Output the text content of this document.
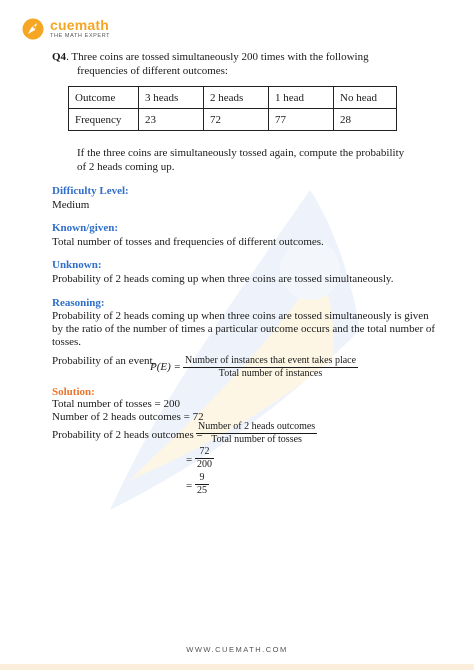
cuemath
THE MATH EXPERT
Q4. Three coins are tossed simultaneously 200 times with the following
frequencies of different outcomes:
Outcome	3 heads	2 heads	1 head	No head
Frequency	23	72	77	28
If the three coins are simultaneously tossed again, compute the probability
of 2 heads coming up.
Difficulty Level:
Medium
Known/given:
Total number of tosses and frequencies of different outcomes.
Unknown:
Probability of 2 heads coming up when three coins are tossed simultaneously.
Reasoning:
Probability of 2 heads coming up when three coins are tossed simultaneously is given
by the ratio of the number of times a particular outcome occurs and the total number of
tosses.
Probability of an event,
$P(E) = \frac{\text{Number of instances that event takes place}}{\text{Total number of instances}}$
Solution:
Total number of tosses = 200
Number of 2 heads outcomes = 72
Probability of 2 heads outcomes =
$\frac{\text{Number of 2 heads outcomes}}{\text{Total number of tosses}}$
= $\frac{72}{200}$
= $\frac{9}{25}$
WWW.CUEMATH.COM
